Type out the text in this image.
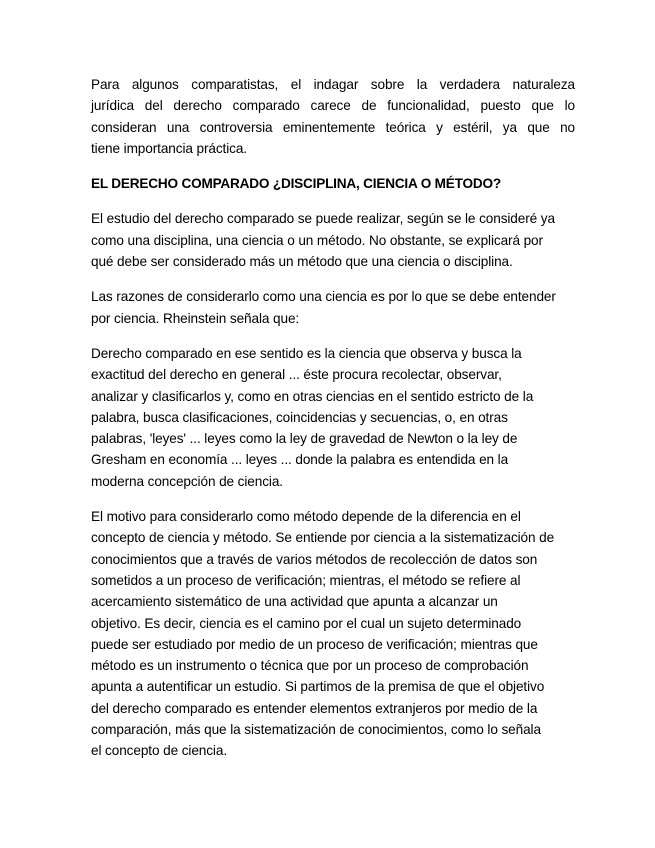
Para algunos comparatistas, el indagar sobre la verdadera naturaleza
jurídica del derecho comparado carece de funcionalidad, puesto que lo
consideran una controversia eminentemente teórica y estéril, ya que no
tiene importancia práctica.

EL DERECHO COMPARADO ¿DISCIPLINA, CIENCIA O MÉTODO?

El estudio del derecho comparado se puede realizar, según se le consideré ya
como una disciplina, una ciencia o un método. No obstante, se explicará por
qué debe ser considerado más un método que una ciencia o disciplina.

Las razones de considerarlo como una ciencia es por lo que se debe entender
por ciencia. Rheinstein señala que:

Derecho comparado en ese sentido es la ciencia que observa y busca la
exactitud del derecho en general ... éste procura recolectar, observar,
analizar y clasificarlos y, como en otras ciencias en el sentido estricto de la
palabra, busca clasificaciones, coincidencias y secuencias, o, en otras
palabras, 'leyes' ... leyes como la ley de gravedad de Newton o la ley de
Gresham en economía ... leyes ... donde la palabra es entendida en la
moderna concepción de ciencia.

El motivo para considerarlo como método depende de la diferencia en el
concepto de ciencia y método. Se entiende por ciencia a la sistematización de
conocimientos que a través de varios métodos de recolección de datos son
sometidos a un proceso de verificación; mientras, el método se refiere al
acercamiento sistemático de una actividad que apunta a alcanzar un
objetivo. Es decir, ciencia es el camino por el cual un sujeto determinado
puede ser estudiado por medio de un proceso de verificación; mientras que
método es un instrumento o técnica que por un proceso de comprobación
apunta a autentificar un estudio. Si partimos de la premisa de que el objetivo
del derecho comparado es entender elementos extranjeros por medio de la
comparación, más que la sistematización de conocimientos, como lo señala
el concepto de ciencia.
